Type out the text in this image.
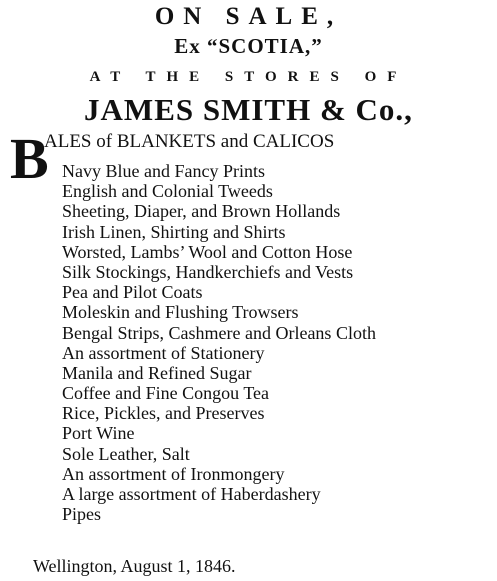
ON SALE,
Ex “SCOTIA,”
AT THE STORES OF
JAMES SMITH & Co.,
B
ALES of BLANKETS and CALICOS
Navy Blue and Fancy Prints
English and Colonial Tweeds
Sheeting, Diaper, and Brown Hollands
Irish Linen, Shirting and Shirts
Worsted, Lambs’ Wool and Cotton Hose
Silk Stockings, Handkerchiefs and Vests
Pea and Pilot Coats
Moleskin and Flushing Trowsers
Bengal Strips, Cashmere and Orleans Cloth
An assortment of Stationery
Manila and Refined Sugar
Coffee and Fine Congou Tea
Rice, Pickles, and Preserves
Port Wine
Sole Leather, Salt
An assortment of Ironmongery
A large assortment of Haberdashery
Pipes
Wellington, August 1, 1846.
